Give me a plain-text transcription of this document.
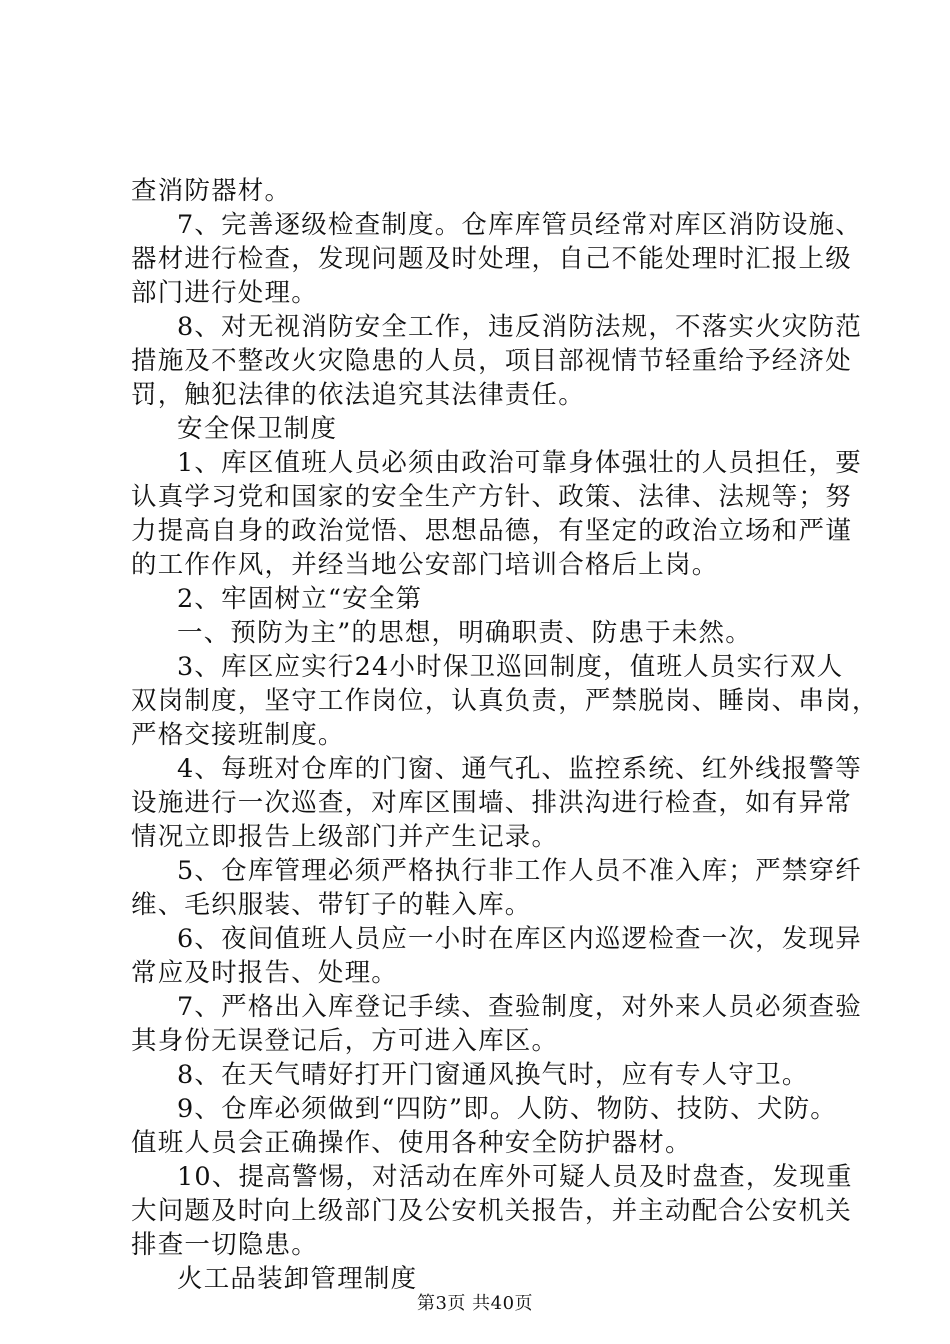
查消防器材。
7、完善逐级检查制度。仓库库管员经常对库区消防设施、
器材进行检查，发现问题及时处理，自己不能处理时汇报上级
部门进行处理。
8、对无视消防安全工作，违反消防法规，不落实火灾防范
措施及不整改火灾隐患的人员，项目部视情节轻重给予经济处
罚，触犯法律的依法追究其法律责任。
安全保卫制度
1、库区值班人员必须由政治可靠身体强壮的人员担任，要
认真学习党和国家的安全生产方针、政策、法律、法规等；努
力提高自身的政治觉悟、思想品德，有坚定的政治立场和严谨
的工作作风，并经当地公安部门培训合格后上岗。
2、牢固树立“安全第
一、预防为主”的思想，明确职责、防患于未然。
3、库区应实行24小时保卫巡回制度，值班人员实行双人
双岗制度，坚守工作岗位，认真负责，严禁脱岗、睡岗、串岗，
严格交接班制度。
4、每班对仓库的门窗、通气孔、监控系统、红外线报警等
设施进行一次巡查，对库区围墙、排洪沟进行检查，如有异常
情况立即报告上级部门并产生记录。
5、仓库管理必须严格执行非工作人员不准入库；严禁穿纤
维、毛织服装、带钉子的鞋入库。
6、夜间值班人员应一小时在库区内巡逻检查一次，发现异
常应及时报告、处理。
7、严格出入库登记手续、查验制度，对外来人员必须查验
其身份无误登记后，方可进入库区。
8、在天气晴好打开门窗通风换气时，应有专人守卫。
9、仓库必须做到“四防”即。人防、物防、技防、犬防。
值班人员会正确操作、使用各种安全防护器材。
10、提高警惕，对活动在库外可疑人员及时盘查，发现重
大问题及时向上级部门及公安机关报告，并主动配合公安机关
排查一切隐患。
火工品装卸管理制度
第3页 共40页
